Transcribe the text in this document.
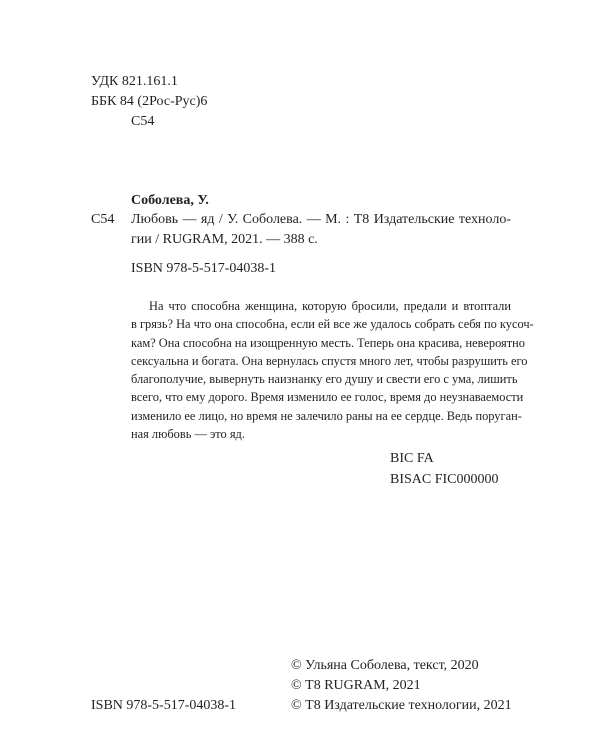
УДК 821.161.1
ББК 84 (2Рос-Рус)6
С54
Соболева, У.
С54 Любовь — яд / У. Соболева. — М. : Т8 Издательские техноло-
гии / RUGRAM, 2021. — 388 с.
ISBN 978-5-517-04038-1
На что способна женщина, которую бросили, предали и втоптали
в грязь? На что она способна, если ей все же удалось собрать себя по кусоч-
кам? Она способна на изощренную месть. Теперь она красива, невероятно
сексуальна и богата. Она вернулась спустя много лет, чтобы разрушить его
благополучие, вывернуть наизнанку его душу и свести его с ума, лишить
всего, что ему дорого. Время изменило ее голос, время до неузнаваемости
изменило ее лицо, но время не залечило раны на ее сердце. Ведь поруган-
ная любовь — это яд.
BIC FA
BISAC FIC000000
© Ульяна Соболева, текст, 2020
© Т8 RUGRAM, 2021
© Т8 Издательские технологии, 2021
ISBN 978-5-517-04038-1
